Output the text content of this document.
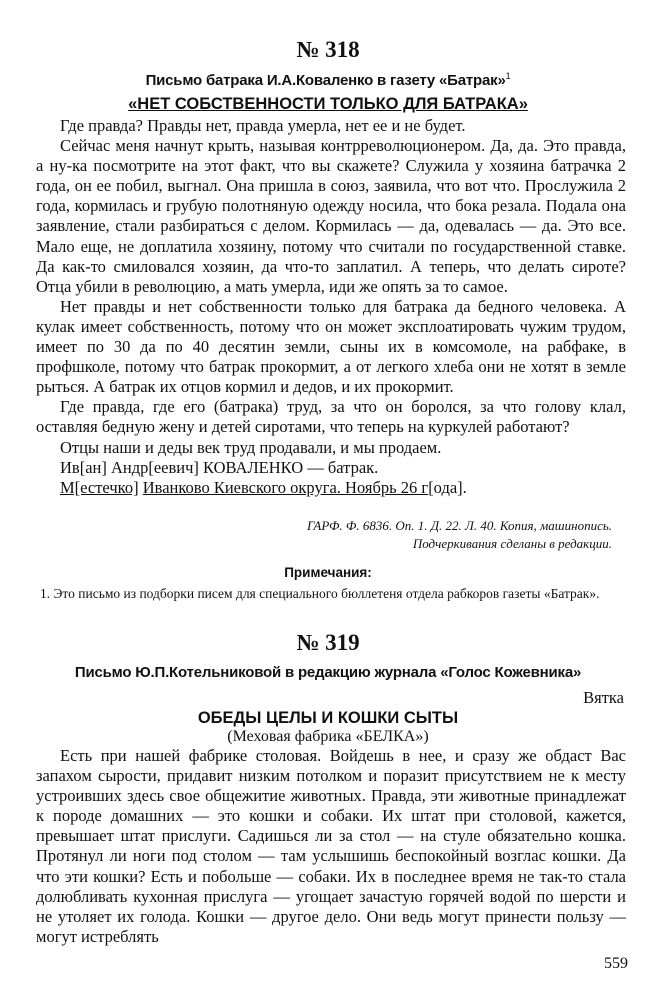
№ 318
Письмо батрака И.А.Коваленко в газету «Батрак»$^1$
«НЕТ СОБСТВЕННОСТИ ТОЛЬКО ДЛЯ БАТРАКА»

Где правда? Правды нет, правда умерла, нет ее и не будет.

Сейчас меня начнут крыть, называя контрреволюционером. Да, да. Это правда, а ну-ка посмотрите на этот факт, что вы скажете? Служила у хозяина батрачка 2 года, он ее побил, выгнал. Она пришла в союз, заявила, что вот что. Прослужила 2 года, кормилась и грубую полотняную одежду носила, что бока резала. Подала она заявление, стали разбираться с делом. Кормилась — да, одевалась — да. Это все. Мало еще, не доплатила хозяину, потому что считали по государственной ставке. Да как-то смиловался хозяин, да что-то заплатил. А теперь, что делать сироте? Отца убили в революцию, а мать умерла, иди же опять за то самое.

Нет правды и нет собственности только для батрака да бедного человека. А кулак имеет собственность, потому что он может эксплоатировать чужим трудом, имеет по 30 да по 40 десятин земли, сыны их в комсомоле, на рабфаке, в профшколе, потому что батрак прокормит, а от легкого хлеба они не хотят в земле рыться. А батрак их отцов кормил и дедов, и их прокормит.

Где правда, где его (батрака) труд, за что он боролся, за что голову клал, оставляя бедную жену и детей сиротами, что теперь на куркулей работают?

Отцы наши и деды век труд продавали, и мы продаем.

Ив[ан] Андр[еевич] КОВАЛЕНКО — батрак.

М[естечко] Иванково Киевского округа. Ноябрь 26 г[ода].

ГАРФ. Ф. 6836. Оп. 1. Д. 22. Л. 40. Копия, машинопись.
Подчеркивания сделаны в редакции.
Примечания:
1. Это письмо из подборки писем для специального бюллетеня отдела рабкоров газеты «Батрак».
№ 319
Письмо Ю.П.Котельниковой в редакцию журнала «Голос Кожевника»
Вятка
ОБЕДЫ ЦЕЛЫ И КОШКИ СЫТЫ
(Меховая фабрика «БЕЛКА»)

Есть при нашей фабрике столовая. Войдешь в нее, и сразу же обдаст Вас запахом сырости, придавит низким потолком и поразит присутствием не к месту устроивших здесь свое общежитие животных. Правда, эти животные принадлежат к породе домашних — это кошки и собаки. Их штат при столовой, кажется, превышает штат прислуги. Садишься ли за стол — на стуле обязательно кошка. Протянул ли ноги под столом — там услышишь беспокойный возглас кошки. Да что эти кошки? Есть и побольше — собаки. Их в последнее время не так-то стала долюбливать кухонная прислуга — угощает зачастую горячей водой по шерсти и не утоляет их голода. Кошки — другое дело. Они ведь могут принести пользу — могут истреблять

559
